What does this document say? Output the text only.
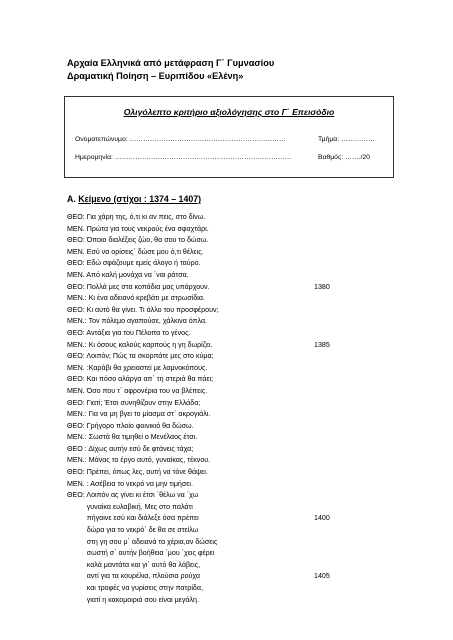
Αρχαία Ελληνικά από μετάφραση Γ΄ Γυμνασίου
Δραματική Ποίηση – Ευριπίδου «Ελένη»
Ολιγόλεπτο κριτήριο αξιολόγησης στο Γ΄ Επεισόδιο
Ονοματεπώνυμο: ……………………………………………………………	Τμήμα: ……………
Ημερομηνία: ……………………………………………………………………	Βαθμός: ……./20
Α. Κείμενο (στίχοι : 1374 – 1407)
ΘΕΟ: Για χάρη της, ό,τι κι αν πεις, στο δίνω.
ΜΕΝ. Πρώτα για τους νεκρούς ένα σφαχτάρι.
ΘΕΟ: Όποιο διαλέξεις ζώο, θα σου το δώσω.
ΜΕΝ. Εσύ να ορίσεις΄ δώσε μου ό,τι θέλεις.
ΘΕΟ: Εδώ σφάζουμε εμείς άλογο ή ταύρο.
ΜΕΝ. Από καλή μονάχα να ΄ναι ράτσα.
ΘΕΟ: Πολλά μες στα κοπάδια μας υπάρχουν.	1380
ΜΕΝ.: Κι ένα αδειανό κρεβάτι με στρωσίδια.
ΘΕΟ: Κι αυτό θα γίνει. Τι άλλο του προσφέρουν;
ΜΕΝ.: Τον πόλεμο αγαπούσε, χάλκινα όπλα.
ΘΕΟ: Αντάξια για του Πέλοπα το γένος.
ΜΕΝ.: Κι όσους καλούς καρπούς η γη δωρίζει.	1385
ΘΕΟ: Λοιπόν; Πώς τα σκορπάτε μες στο κύμα;
ΜΕΝ. :Καράβι θα χρειαστεί με λαμνοκόπους.
ΘΕΟ: Και πόσο αλάργα απ΄ τη στεριά θα πάει;
ΜΕΝ. Όσο που τ΄ αφρονέρια του να βλέπεις.
ΘΕΟ: Γιατί; Έτσι συνηθίζουν στην Ελλάδα;
ΜΕΝ.: Για να μη βγει το μίασμα στ΄ ακρογιάλι.
ΘΕΟ: Γρήγορο πλοίο φοινικιό θα δώσω.
ΜΕΝ.: Σωστά θα τιμηθεί ο Μενέλαος έτσι.
ΘΕΟ : Δίχως αυτήν εσύ δε φτάνεις τάχα;
ΜΕΝ.: Μάνας το έργο αυτό, γυναίκας, τέκνου.
ΘΕΟ: Πρέπει, όπως λες, αυτή να τόνε θάψει.
ΜΕΝ. : Ασέβεια το νεκρό να μην τιμήσει.
ΘΕΟ: Λοιπόν ας γίνει κι έτσι ΄θέλω να ΄χω
γυναίκα ευλαβική. Μες στο παλάτι
πήγαινε εσύ και διάλεξε όσα πρέπει	1400
δώρα για το νεκρό΄ δε θα σε στείλω
στη γη σου μ΄ αδειανά τα χέρια,αν δώσεις
σωστή σ΄ αυτήν βοήθεια ΄μου ΄χεις φέρει
καλά μαντάτα και γι΄ αυτό θα λάβεις,
αντί για τα κουρέλια, πλούσια ρούχα	1405
και τροφές να γυρίσεις στην πατρίδα,
γιατί η κακομοιριά σου είναι μεγάλη.
